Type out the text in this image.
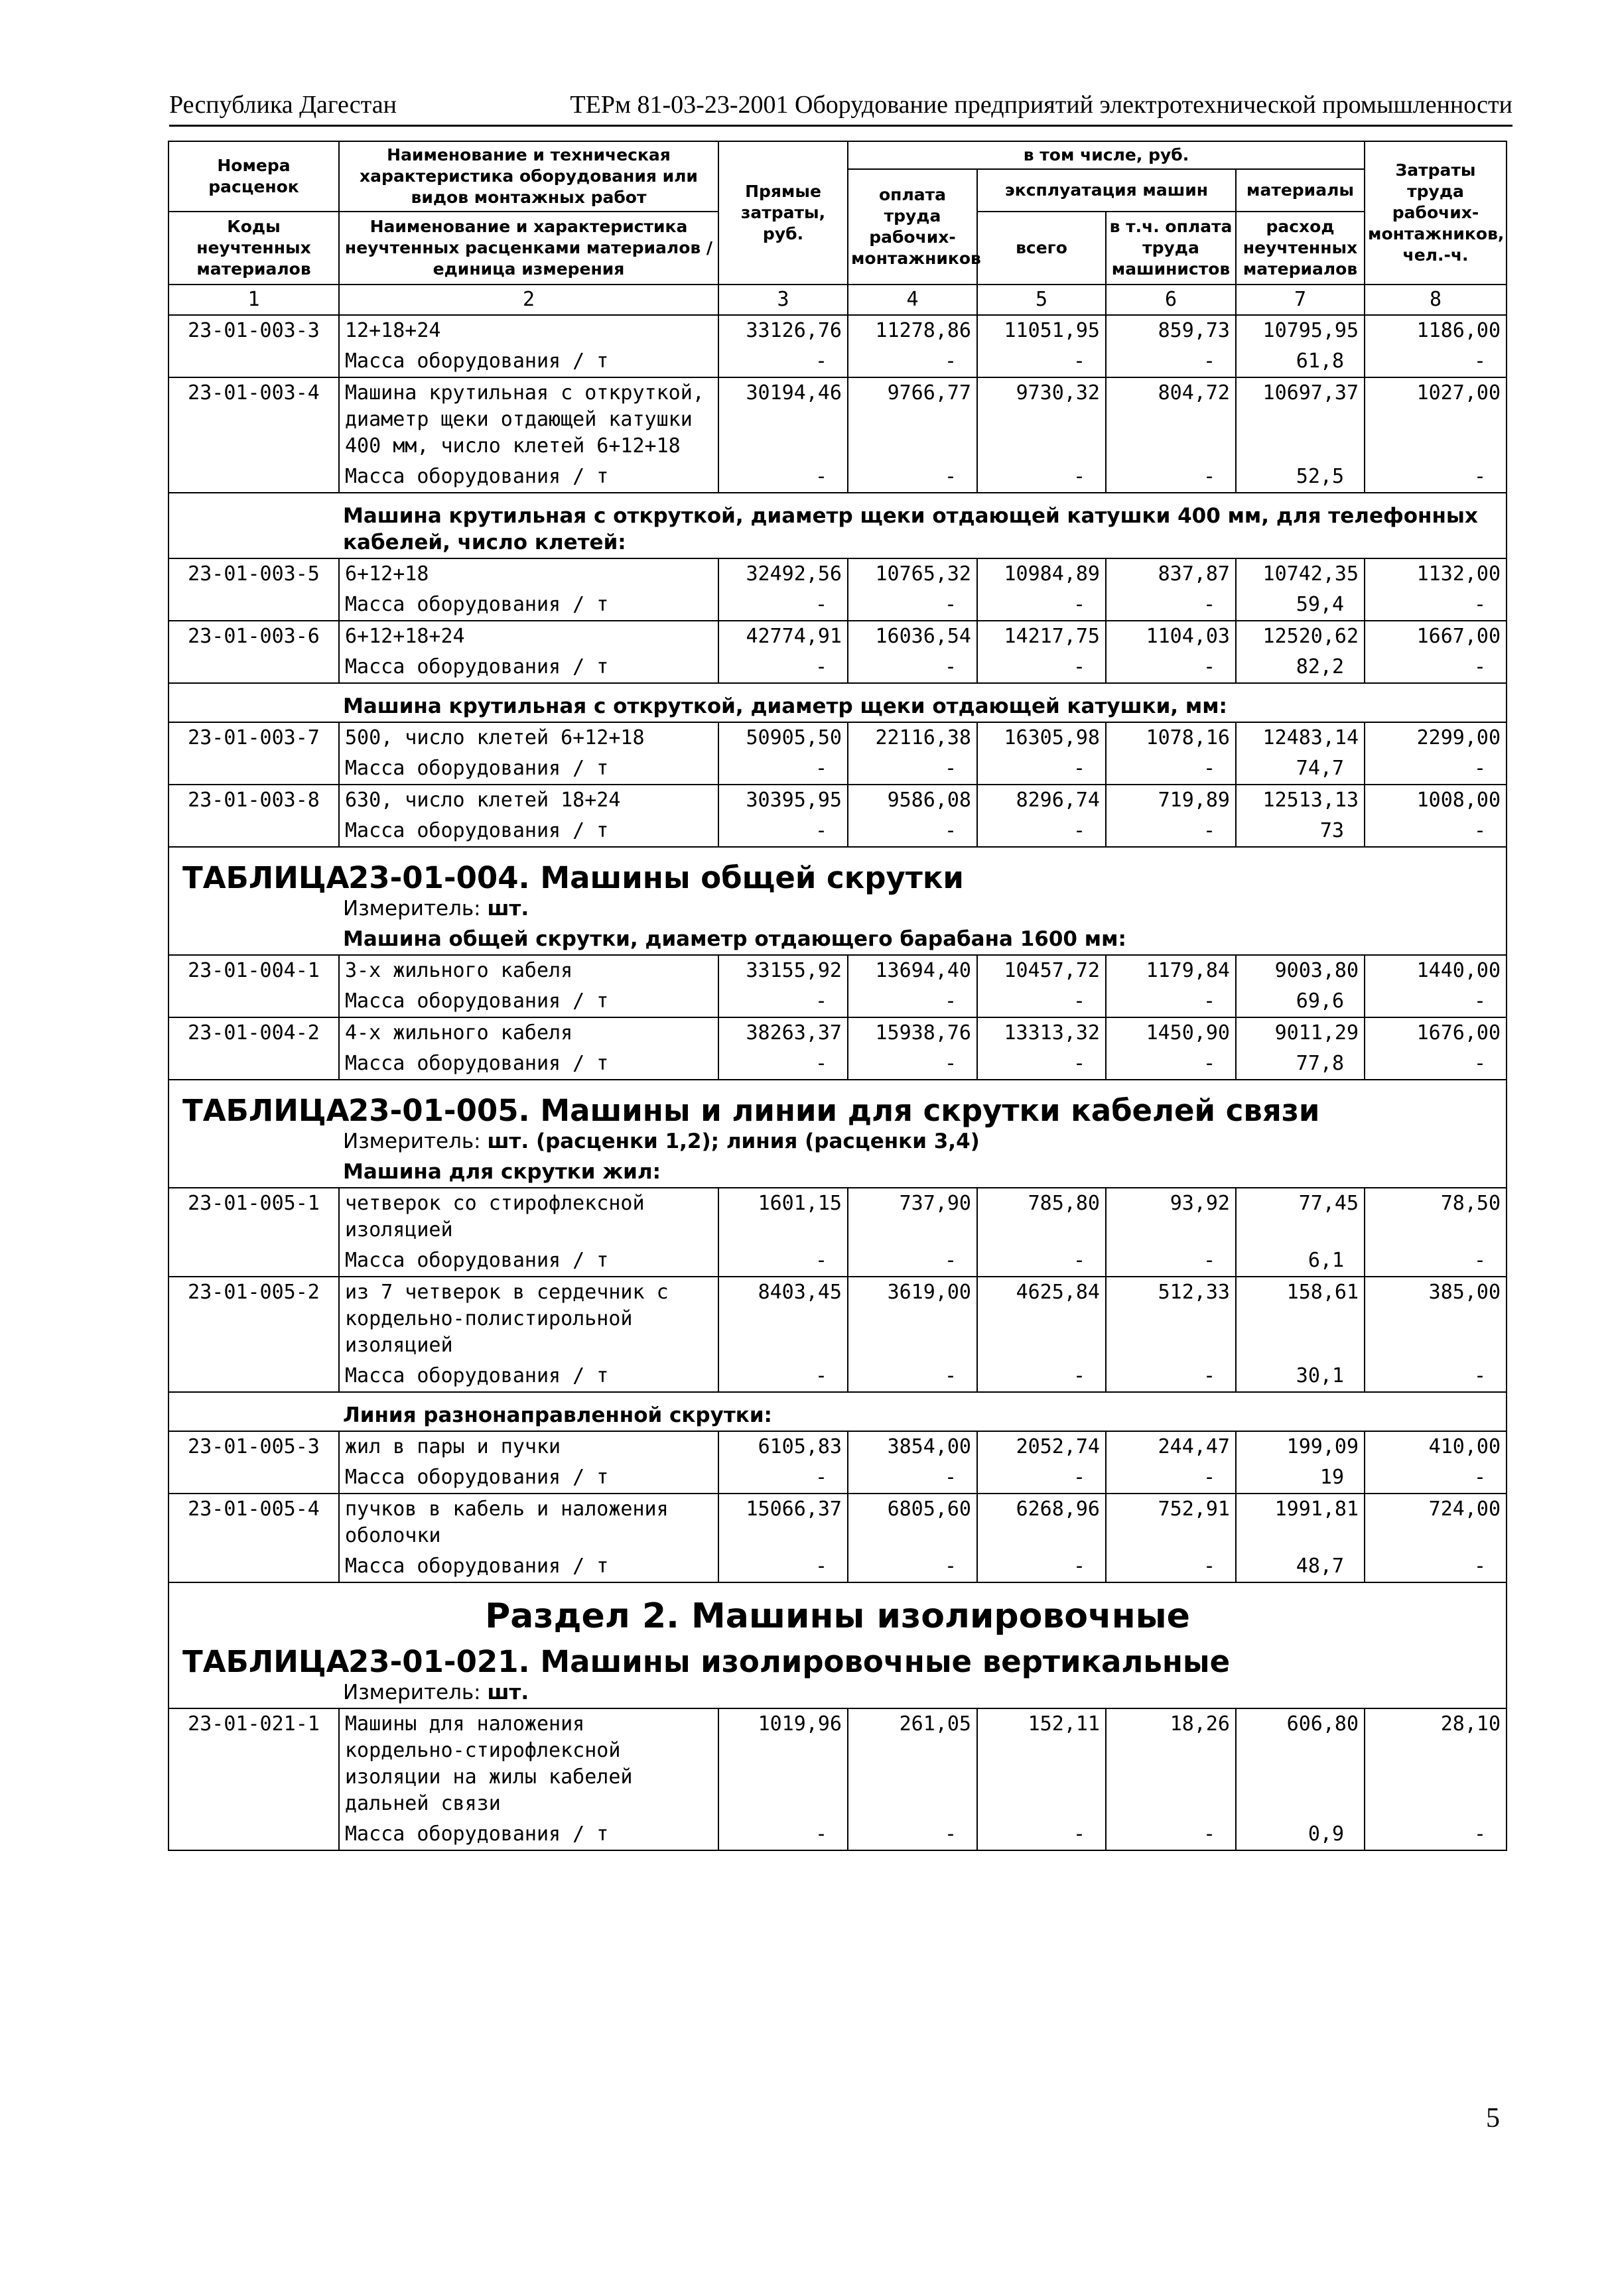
Республика Дагестан	ТЕРм 81-03-23-2001 Оборудование предприятий электротехнической промышленности
Номера расценок	Наименование и техническая характеристика оборудования или видов монтажных работ	Прямые затраты, руб.	в том числе, руб.				Затраты труда рабочих-монтажников, чел.-ч.
			оплата труда рабочих-монтажников	эксплуатация машин		материалы	
Коды неучтенных материалов	Наименование и характеристика неучтенных расценками материалов / единица измерения			всего	в т.ч. оплата труда машинистов	расход неучтенных материалов	

1	2	3	4	5	6	7	8
23-01-003-3	12+18+24	33126,76	11278,86	11051,95	859,73	10795,95	1186,00
	Масса оборудования / т	-	-	-	-	61,8	-
23-01-003-4	Машина крутильная с откруткой, диаметр щеки отдающей катушки 400 мм, число клетей 6+12+18	30194,46	9766,77	9730,32	804,72	10697,37	1027,00
	Масса оборудования / т	-	-	-	-	52,5	-
Машина крутильная с откруткой, диаметр щеки отдающей катушки 400 мм, для телефонных кабелей, число клетей:							
23-01-003-5	6+12+18	32492,56	10765,32	10984,89	837,87	10742,35	1132,00
	Масса оборудования / т	-	-	-	-	59,4	-
23-01-003-6	6+12+18+24	42774,91	16036,54	14217,75	1104,03	12520,62	1667,00
	Масса оборудования / т	-	-	-	-	82,2	-
Машина крутильная с откруткой, диаметр щеки отдающей катушки, мм:							
23-01-003-7	500, число клетей 6+12+18	50905,50	22116,38	16305,98	1078,16	12483,14	2299,00
	Масса оборудования / т	-	-	-	-	74,7	-
23-01-003-8	630, число клетей 18+24	30395,95	9586,08	8296,74	719,89	12513,13	1008,00
	Масса оборудования / т	-	-	-	-	73	-
ТАБЛИЦА23-01-004. Машины общей скрутки							
Измеритель: шт.							
Машина общей скрутки, диаметр отдающего барабана 1600 мм:							
23-01-004-1	3-х жильного кабеля	33155,92	13694,40	10457,72	1179,84	9003,80	1440,00
	Масса оборудования / т	-	-	-	-	69,6	-
23-01-004-2	4-х жильного кабеля	38263,37	15938,76	13313,32	1450,90	9011,29	1676,00
	Масса оборудования / т	-	-	-	-	77,8	-
ТАБЛИЦА23-01-005. Машины и линии для скрутки кабелей связи							
Измеритель: шт. (расценки 1,2); линия (расценки 3,4)							
Машина для скрутки жил:							
23-01-005-1	четверок со стирофлексной изоляцией	1601,15	737,90	785,80	93,92	77,45	78,50
	Масса оборудования / т	-	-	-	-	6,1	-
23-01-005-2	из 7 четверок в сердечник с кордельно-полистирольной изоляцией	8403,45	3619,00	4625,84	512,33	158,61	385,00
	Масса оборудования / т	-	-	-	-	30,1	-
Линия разнонаправленной скрутки:							
23-01-005-3	жил в пары и пучки	6105,83	3854,00	2052,74	244,47	199,09	410,00
	Масса оборудования / т	-	-	-	-	19	-
23-01-005-4	пучков в кабель и наложения оболочки	15066,37	6805,60	6268,96	752,91	1991,81	724,00
	Масса оборудования / т	-	-	-	-	48,7	-
Раздел 2. Машины изолировочные							
ТАБЛИЦА23-01-021. Машины изолировочные вертикальные							
Измеритель: шт.							
23-01-021-1	Машины для наложения кордельно-стирофлексной изоляции на жилы кабелей дальней связи	1019,96	261,05	152,11	18,26	606,80	28,10
	Масса оборудования / т	-	-	-	-	0,9	-

5
